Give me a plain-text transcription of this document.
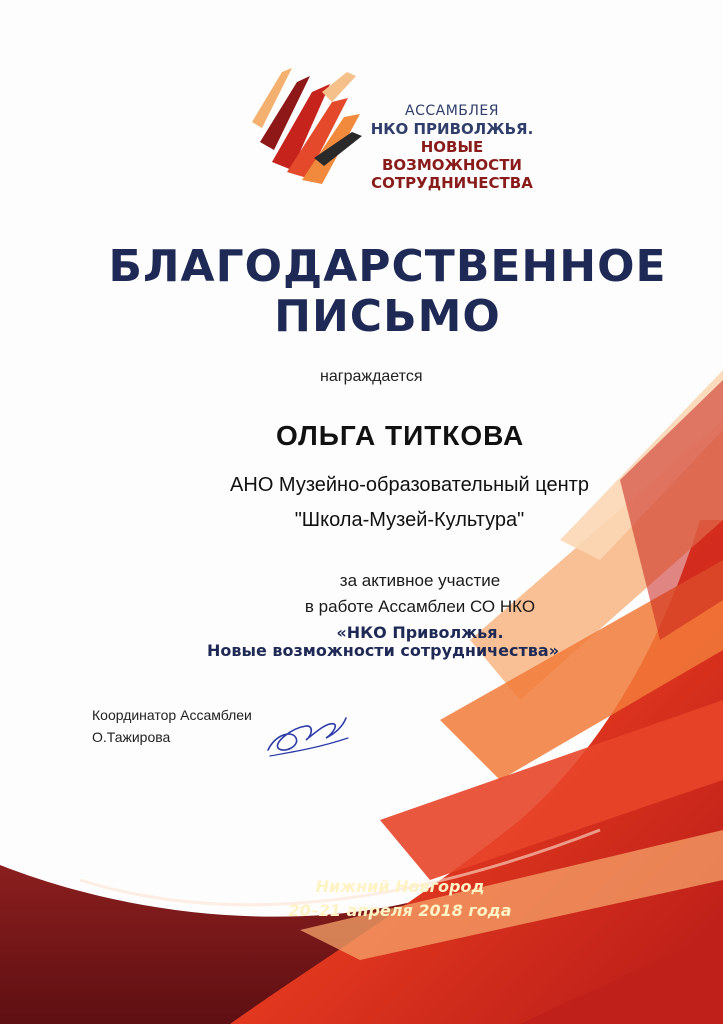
АССАМБЛЕЯ
НКО ПРИВОЛЖЬЯ.
НОВЫЕ ВОЗМОЖНОСТИ
СОТРУДНИЧЕСТВА
БЛАГОДАРСТВЕННОЕ
ПИСЬМО
награждается
ОЛЬГА ТИТКОВА
АНО Музейно-образовательный центр
"Школа-Музей-Культура"
за активное участие
в работе Ассамблеи СО НКО
«НКО Приволжья.
Новые возможности сотрудничества»
Координатор Ассамблеи
О.Тажирова
Нижний Новгород
20–21 апреля 2018 года
